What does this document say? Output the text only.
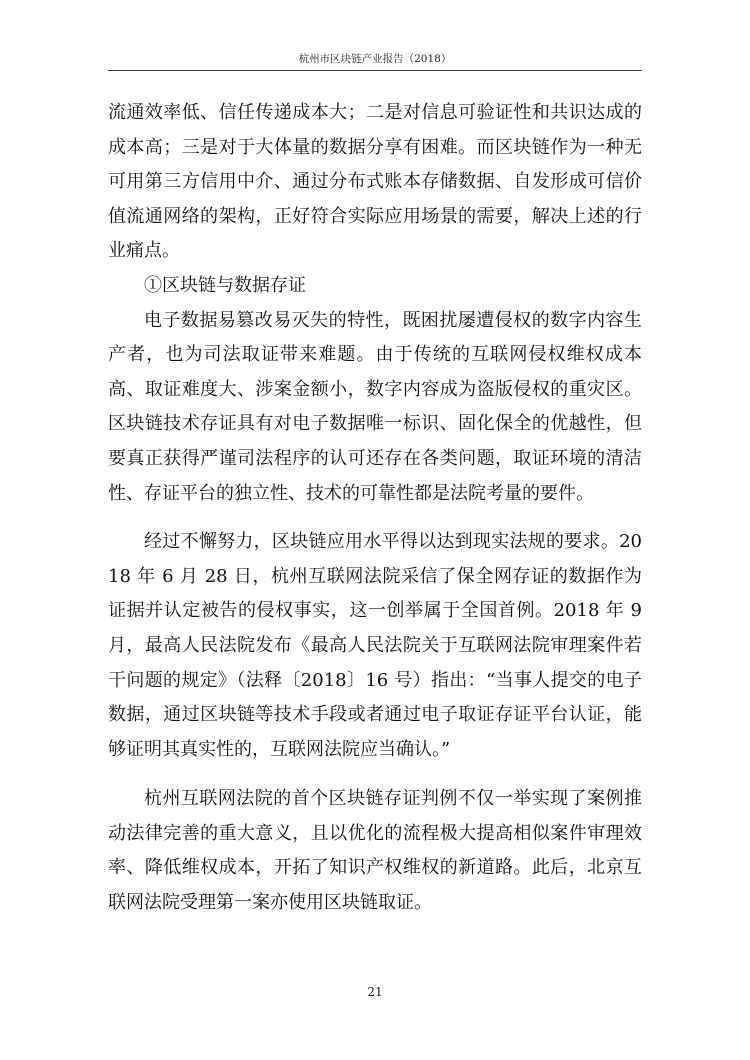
杭州市区块链产业报告（2018）

流通效率低、信任传递成本大；二是对信息可验证性和共识达成的成本高；三是对于大体量的数据分享有困难。而区块链作为一种无可用第三方信用中介、通过分布式账本存储数据、自发形成可信价值流通网络的架构，正好符合实际应用场景的需要，解决上述的行业痛点。

①区块链与数据存证

电子数据易篡改易灭失的特性，既困扰屡遭侵权的数字内容生产者，也为司法取证带来难题。由于传统的互联网侵权维权成本高、取证难度大、涉案金额小，数字内容成为盗版侵权的重灾区。区块链技术存证具有对电子数据唯一标识、固化保全的优越性，但要真正获得严谨司法程序的认可还存在各类问题，取证环境的清洁性、存证平台的独立性、技术的可靠性都是法院考量的要件。

经过不懈努力，区块链应用水平得以达到现实法规的要求。2018 年 6 月 28 日，杭州互联网法院采信了保全网存证的数据作为证据并认定被告的侵权事实，这一创举属于全国首例。2018 年 9 月，最高人民法院发布《最高人民法院关于互联网法院审理案件若干问题的规定》（法释〔2018〕16 号）指出：“当事人提交的电子数据，通过区块链等技术手段或者通过电子取证存证平台认证，能够证明其真实性的，互联网法院应当确认。”

杭州互联网法院的首个区块链存证判例不仅一举实现了案例推动法律完善的重大意义，且以优化的流程极大提高相似案件审理效率、降低维权成本，开拓了知识产权维权的新道路。此后，北京互联网法院受理第一案亦使用区块链取证。

21
